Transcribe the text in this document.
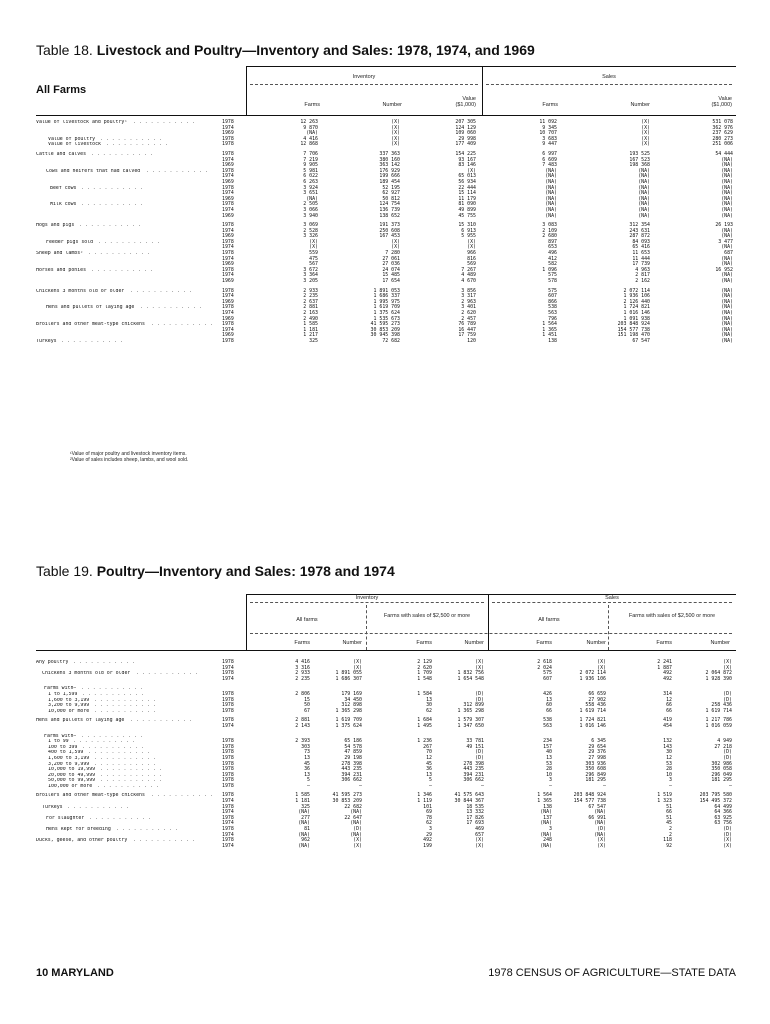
Table 18. Livestock and Poultry—Inventory and Sales: 1978, 1974, and 1969
All Farms
Inventory	Sales
Farms	Number
Value
($1,000)	Farms	Number
Value
($1,000)
Value of livestock and poultry¹ . . . . . . . . . . .	1978	12 263	(X)	207 305	11 092	(X)	531 078
1974	9 870	(X)	124 129	9 345	(X)	362 976
1969	(NA)	(X)	109 060	10 707	(X)	237 629
Value of poultry . . . . . . . . . . .	1978	4 416	(X)	29 998	3 683	(X)	280 273
Value of livestock . . . . . . . . . . .	1978	12 868	(X)	177 409	9 447	(X)	251 006
Cattle and calves . . . . . . . . . . .	1978	7 706	337 363	154 225	6 997	193 525	54 444
1974	7 219	380 160	93 167	6 609	167 523	(NA)
1969	9 905	363 142	83 146	7 483	198 368	(NA)
Cows and heifers that had calved . . . . . . . . . . .	1978	5 981	176 929	(X)	(NA)	(NA)	(NA)
1974	6 022	199 666	65 013	(NA)	(NA)	(NA)
1969	6 263	189 454	56 934	(NA)	(NA)	(NA)
Beef cows . . . . . . . . . . .	1978	3 924	52 195	22 444	(NA)	(NA)	(NA)
1974	3 651	62 927	15 114	(NA)	(NA)	(NA)
1969	(NA)	50 812	11 179	(NA)	(NA)	(NA)
Milk cows . . . . . . . . . . .	1978	2 505	124 754	81 090	(NA)	(NA)	(NA)
1974	3 066	136 739	49 899	(NA)	(NA)	(NA)
1969	3 940	138 652	45 755	(NA)	(NA)	(NA)
Hogs and pigs . . . . . . . . . . .	1978	3 069	191 373	15 310	3 083	312 354	26 193
1974	2 528	250 608	6 913	2 109	243 631	(NA)
1969	3 326	167 453	5 955	2 680	287 872	(NA)
Feeder pigs sold . . . . . . . . . . .	1978	(X)	(X)	(X)	897	84 093	3 477
1974	(X)	(X)	(X)	653	65 416	(NA)
Sheep and lambs² . . . . . . . . . . .	1978	559	7 280	966	496	11 653	687
1974	475	27 061	816	412	11 444	(NA)
1969	567	27 036	569	582	17 739	(NA)
Horses and ponies . . . . . . . . . . .	1978	3 672	24 074	7 267	1 096	4 963	16 952
1974	3 364	15 485	4 489	575	2 817	(NA)
1969	3 205	17 654	4 670	578	2 162	(NA)
Chickens 3 months old or older . . . . . . . . . . .	1978	2 933	1 891 053	3 856	575	2 072 114	(NA)
1974	2 235	1 686 337	3 317	607	1 936 106	(NA)
1969	2 637	1 995 975	2 963	866	2 126 440	(NA)
Hens and pullets of laying age . . . . . . . . . . .	1978	2 881	1 619 709	3 401	538	1 724 821	(NA)
1974	2 163	1 375 624	2 620	563	1 016 146	(NA)
1969	2 490	1 535 673	2 457	796	1 091 938	(NA)
Broilers and other meat-type chickens . . . . . . . . . . . 1978	1 585	41 595 273	76 789	1 564	203 848 924	(NA)
1974	1 181	30 853 209	16 447	1 365	154 577 738	(NA)
1969	1 217	30 945 398	17 759	1 451	151 198 470	(NA)
Turkeys . . . . . . . . . . .	1978	325	72 682	120	138	67 547	(NA)
¹Value of major poultry and livestock inventory items.
²Value of sales includes sheep, lambs, and wool sold.
Table 19. Poultry—Inventory and Sales: 1978 and 1974
Inventory	Sales
All farms
Farms with sales of $2,500 or more
All farms
Farms with sales of $2,500 or more
Farms	Number	Farms	Number	Farms	Number	Farms	Number
Any poultry . . . . . . . . . . .	1978	4 416	(X)	2 129	(X)	2 618	(X)	2 241	(X)
1974	3 316	(X)	2 620	(X)	2 024	(X)	1 887	(X)
Chickens 3 months old or older . . . . . . . . . . .	1978	2 933	1 891 055	1 709	1 832 756	575	2 072 114	492	2 064 872
1974	2 235	1 686 307	1 548	1 654 548	607	1 936 106	492	1 928 390
Farms with— . . . . . . . . . . .
1 to 1,599 . . . . . . . . . . .	1978	2 806	179 169	1 584	(D)	426	66 659	314	(D)
1,600 to 3,199 . . . . . . . . . . .	1978	15	34 450	13	(D)	13	27 902	12	(D)
3,200 to 9,999 . . . . . . . . . . .	1978	50	312 898	30	312 899	60	558 436	66	258 436
10,000 or more . . . . . . . . . . .	1978	67	1 365 298	62	1 365 298	66	1 619 714	66	1 619 714
Hens and pullets of laying age . . . . . . . . . . .	1978	2 881	1 619 709	1 684	1 579 307	538	1 724 821	419	1 217 786
1974	2 143	1 375 624	1 495	1 347 650	563	1 016 146	454	1 016 059
Farms with— . . . . . . . . . . .
1 to 99 . . . . . . . . . . .	1978	2 393	65 186	1 236	33 781	234	6 345	132	4 949
100 to 399 . . . . . . . . . . .	1978	303	54 578	267	49 151	157	29 654	143	27 218
400 to 1,599 . . . . . . . . . . .	1978	73	47 859	70	(D)	40	29 376	30	(D)
1,600 to 3,199 . . . . . . . . . . .	1978	13	29 198	12	(D)	13	27 998	12	(D)
3,200 to 9,999 . . . . . . . . . . .	1978	45	278 398	45	278 398	53	303 936	53	302 986
10,000 to 19,999 . . . . . . . . . . .	1978	36	443 235	36	443 235	28	350 608	28	350 058
20,000 to 49,999 . . . . . . . . . . .	1978	13	394 231	13	394 231	10	296 849	10	296 049
50,000 to 99,999 . . . . . . . . . . .	1978	5	306 662	5	306 662	3	181 295	3	181 295
100,000 or more . . . . . . . . . . .	1978	–	–	–	–	–	–	–	–
Broilers and other meat-type chickens . . . . . . . . . . . 1978	1 585	41 595 273	1 346	41 575 643	1 564	203 848 924	1 519	203 795 580
1974	1 181	30 853 209	1 119	30 844 367	1 365	154 577 738	1 323	154 495 372
Turkeys . . . . . . . . . . .	1978	325	22 682	101	18 535	138	67 547	51	64 499
1974	(NA)	(NA)	69	13 332	(NA)	(NA)	66	64 366
For slaughter . . . . . . . . . . .	1978	277	22 647	78	17 826	137	66 991	51	63 925
1974	(NA)	(NA)	62	17 693	(NA)	(NA)	45	63 756
Hens kept for breeding . . . . . . . . . . .	1978	81	(D)	3	469	3	(D)	2	(D)
1974	(NA)	(NA)	29	657	(NA)	(NA)	2	(D)
Ducks, geese, and other poultry . . . . . . . . . . .	1978	962	(X)	492	(X)	248	(X)	118	(X)
1974	(NA)	(X)	199	(X)	(NA)	(X)	92	(X)
10 MARYLAND	1978 CENSUS OF AGRICULTURE—STATE DATA
